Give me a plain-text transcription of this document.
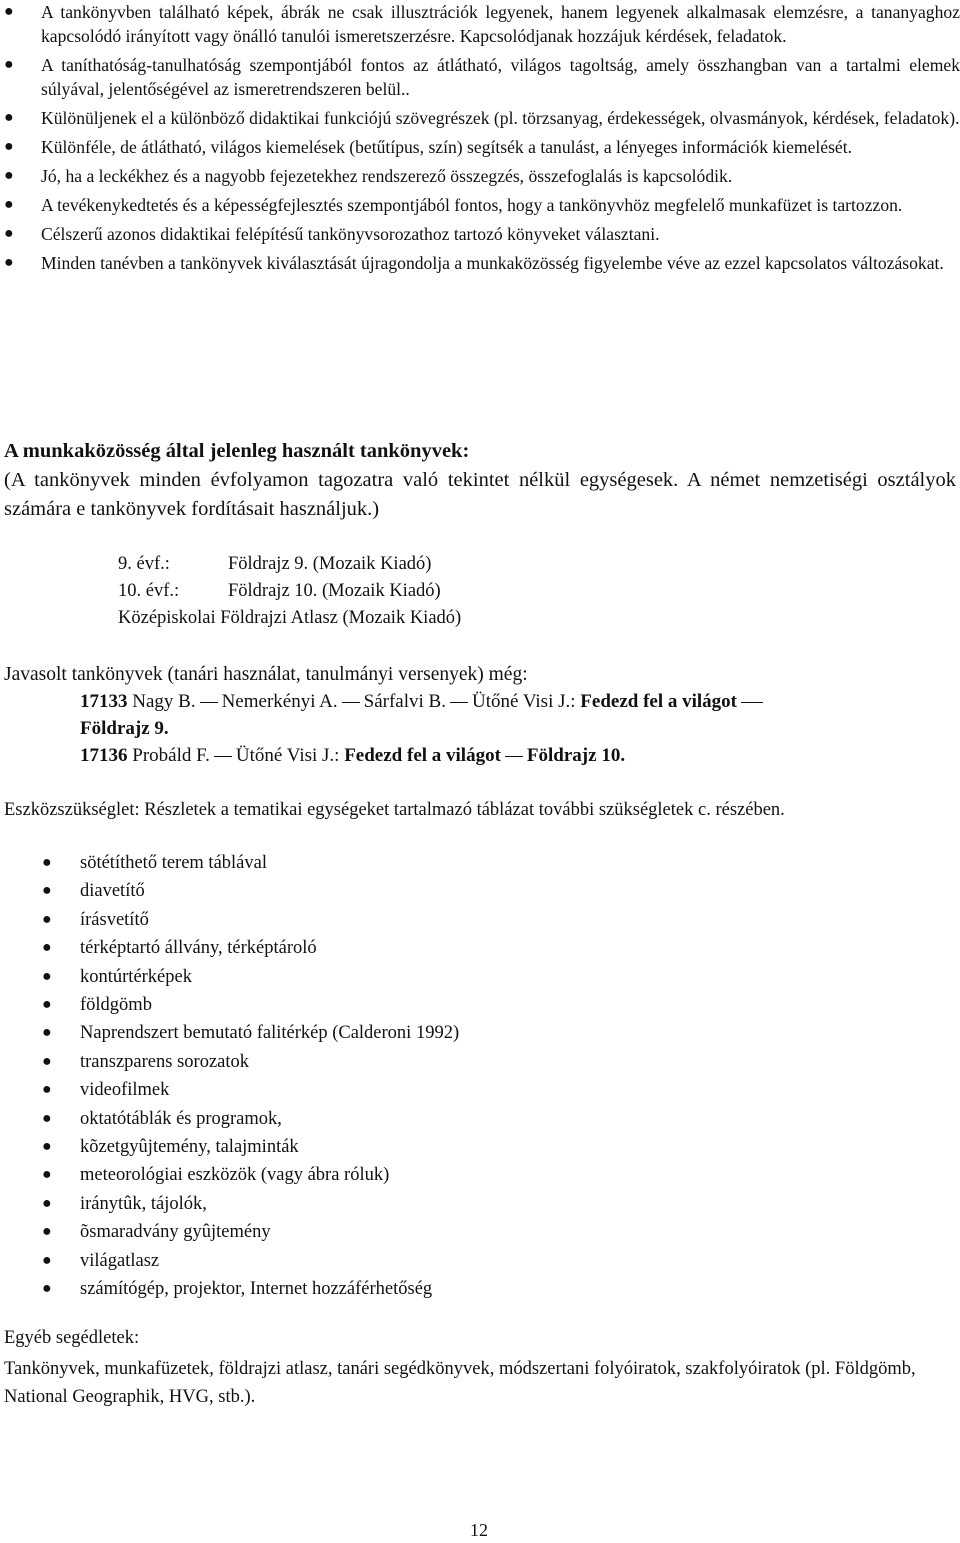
● A tankönyvben található képek, ábrák ne csak illusztrációk legyenek, hanem legyenek alkalmasak elemzésre, a tananyaghoz kapcsolódó irányított vagy önálló tanulói ismeretszerzésre. Kapcsolódjanak hozzájuk kérdések, feladatok.
● A taníthatóság-tanulhatóság szempontjából fontos az átlátható, világos tagoltság, amely összhangban van a tartalmi elemek súlyával, jelentőségével az ismeretrendszeren belül..
● Különüljenek el a különböző didaktikai funkciójú szövegrészek (pl. törzsanyag, érdekességek, olvasmányok, kérdések, feladatok).
● Különféle, de átlátható, világos kiemelések (betűtípus, szín) segítsék a tanulást, a lényeges információk kiemelését.
● Jó, ha a leckékhez és a nagyobb fejezetekhez rendszerező összegzés, összefoglalás is kapcsolódik.
● A tevékenykedtetés és a képességfejlesztés szempontjából fontos, hogy a tankönyvhöz megfelelő munkafüzet is tartozzon.
● Célszerű azonos didaktikai felépítésű tankönyvsorozathoz tartozó könyveket választani.
● Minden tanévben a tankönyvek kiválasztását újragondolja a munkaközösség figyelembe véve az ezzel kapcsolatos változásokat.
A munkaközösség által jelenleg használt tankönyvek:
(A tankönyvek minden évfolyamon tagozatra való tekintet nélkül egységesek. A német nemzetiségi osztályok számára e tankönyvek fordításait használjuk.)
9. évf.:	Földrajz 9. (Mozaik Kiadó)
10. évf.:	Földrajz 10. (Mozaik Kiadó)
Középiskolai Földrajzi Atlasz (Mozaik Kiadó)
Javasolt tankönyvek (tanári használat, tanulmányi versenyek) még:
17133 Nagy B. Nemerkényi A. Sárfalvi B. Ütőné Visi J.: Fedezd fel a világot
Földrajz 9.
17136 Probáld F. Ütőné Visi J.: Fedezd fel a világot Földrajz 10.
Eszközszükséglet: Részletek a tematikai egységeket tartalmazó táblázat további szükségletek c. részében.
● sötétíthető terem táblával
● diavetítő
● írásvetítő
● térképtartó állvány, térképtároló
● kontúrtérképek
● földgömb
● Naprendszert bemutató falitérkép (Calderoni 1992)
● transzparens sorozatok
● videofilmek
● oktatótáblák és programok,
● kõzetgyûjtemény, talajminták
● meteorológiai eszközök (vagy ábra róluk)
● iránytûk, tájolók,
● õsmaradvány gyûjtemény
● világatlasz
● számítógép, projektor, Internet hozzáférhetőség
Egyéb segédletek:
Tankönyvek, munkafüzetek, földrajzi atlasz, tanári segédkönyvek, módszertani folyóiratok, szakfolyóiratok (pl. Földgömb, National Geographik, HVG, stb.).
12
